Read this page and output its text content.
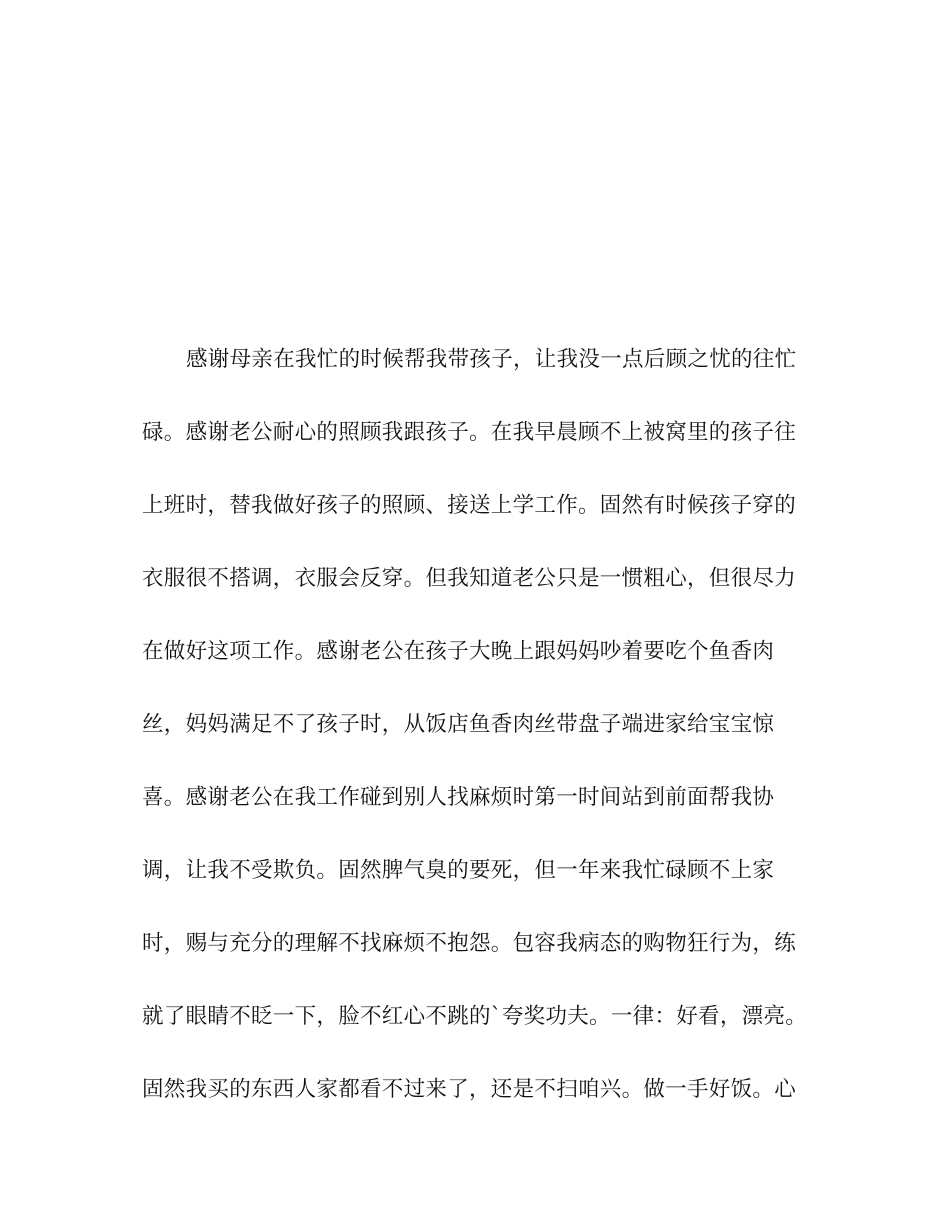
感谢母亲在我忙的时候帮我带孩子，让我没一点后顾之忧的往忙
碌。感谢老公耐心的照顾我跟孩子。在我早晨顾不上被窝里的孩子往
上班时，替我做好孩子的照顾、接送上学工作。固然有时候孩子穿的
衣服很不搭调，衣服会反穿。但我知道老公只是一惯粗心，但很尽力
在做好这项工作。感谢老公在孩子大晚上跟妈妈吵着要吃个鱼香肉
丝，妈妈满足不了孩子时，从饭店鱼香肉丝带盘子端进家给宝宝惊
喜。感谢老公在我工作碰到别人找麻烦时第一时间站到前面帮我协
调，让我不受欺负。固然脾气臭的要死，但一年来我忙碌顾不上家
时，赐与充分的理解不找麻烦不抱怨。包容我病态的购物狂行为，练
就了眼睛不眨一下，脸不红心不跳的`夸奖功夫。一律：好看，漂亮。
固然我买的东西人家都看不过来了，还是不扫咱兴。做一手好饭。心
